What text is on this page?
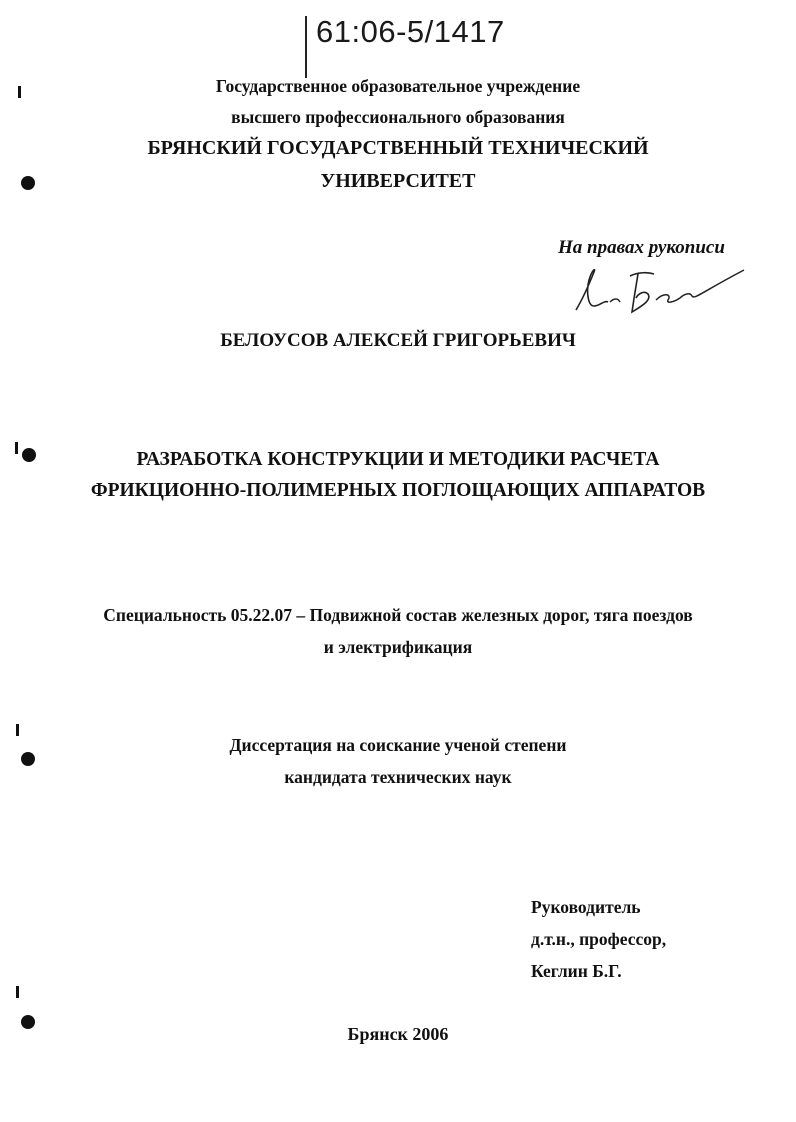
61:06-5/1417
Государственное образовательное учреждение
высшего профессионального образования
БРЯНСКИЙ ГОСУДАРСТВЕННЫЙ ТЕХНИЧЕСКИЙ
УНИВЕРСИТЕТ
На правах рукописи
БЕЛОУСОВ АЛЕКСЕЙ ГРИГОРЬЕВИЧ
РАЗРАБОТКА КОНСТРУКЦИИ И МЕТОДИКИ РАСЧЕТА
ФРИКЦИОННО-ПОЛИМЕРНЫХ ПОГЛОЩАЮЩИХ АППАРАТОВ
Специальность 05.22.07 – Подвижной состав железных дорог, тяга поездов
и электрификация
Диссертация на соискание ученой степени
кандидата технических наук
Руководитель
д.т.н., профессор,
Кеглин Б.Г.
Брянск 2006
